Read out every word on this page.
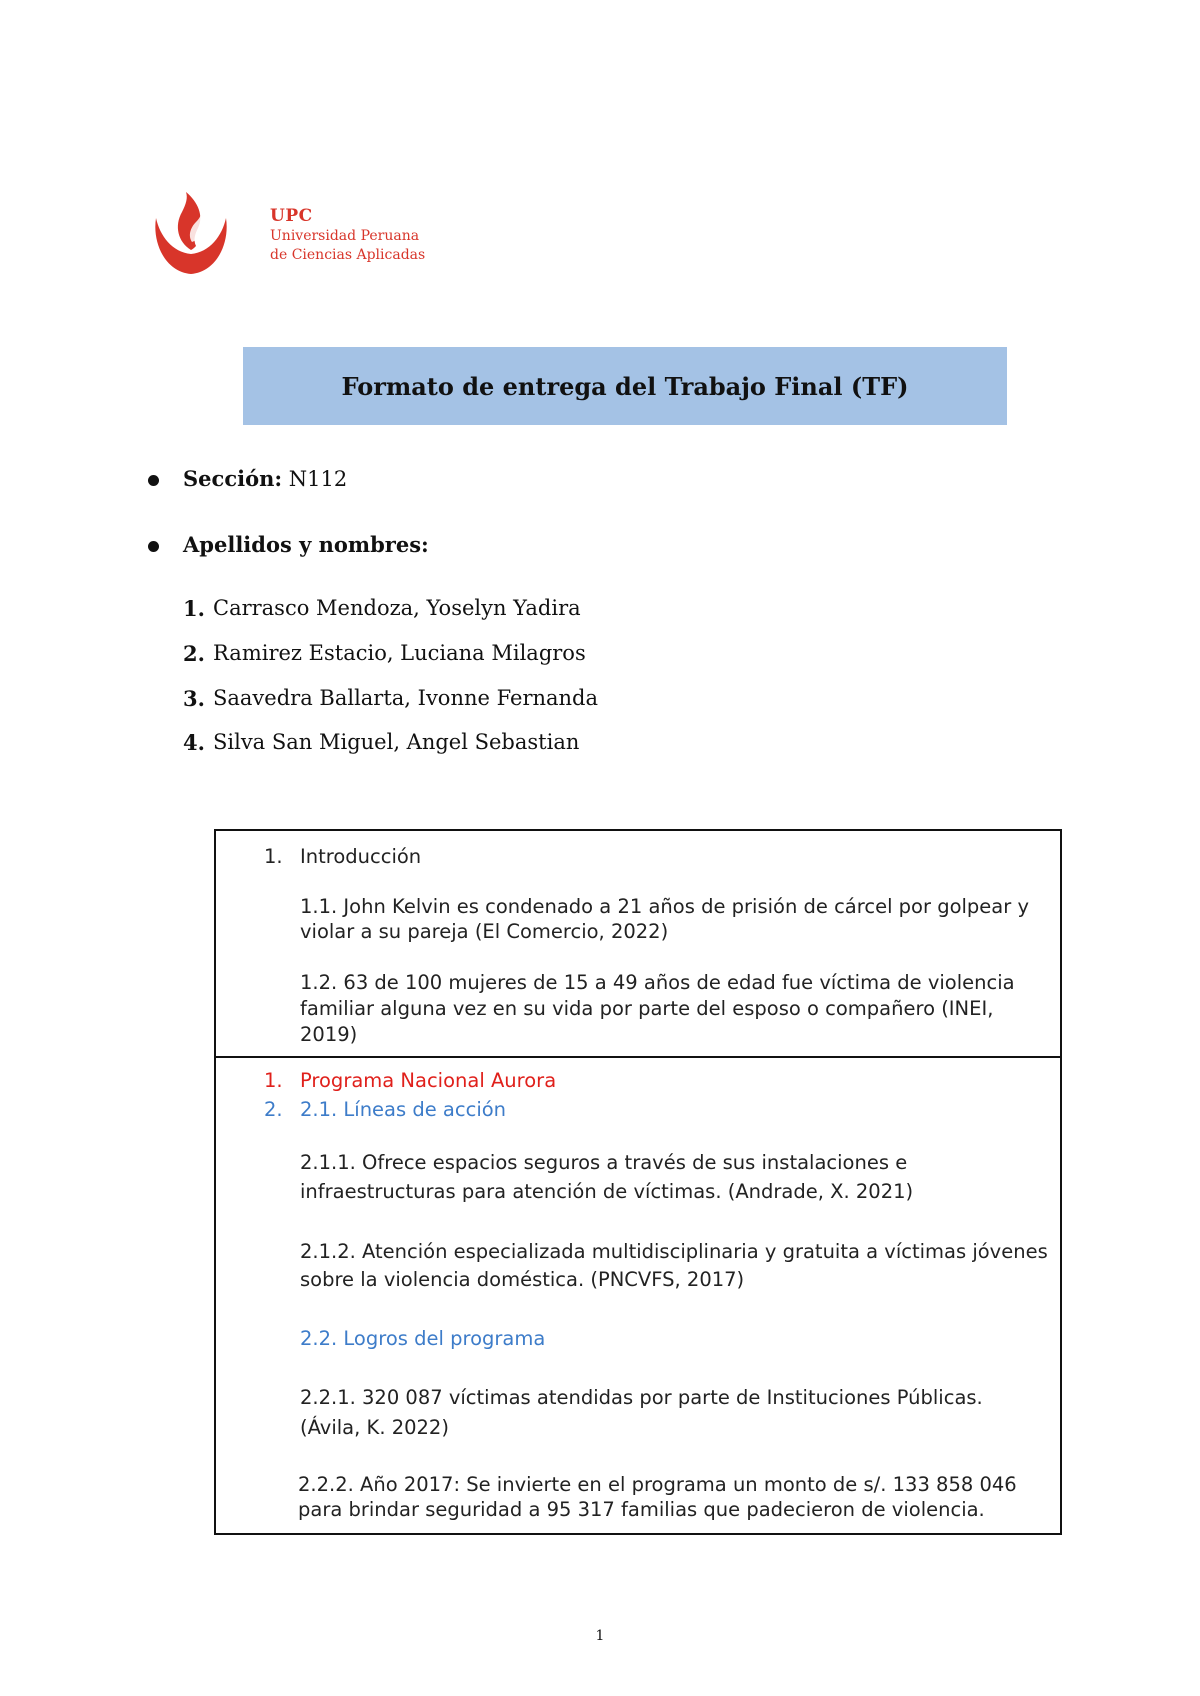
UPC
Universidad Peruana
de Ciencias Aplicadas
Formato de entrega del Trabajo Final (TF)
Sección:
N112
Apellidos y nombres:
1. Carrasco Mendoza, Yoselyn Yadira
2. Ramirez Estacio, Luciana Milagros
3. Saavedra Ballarta, Ivonne Fernanda
4. Silva San Miguel, Angel Sebastian
1. Introducción
1.1. John Kelvin es condenado a 21 años de prisión de cárcel por golpear y
violar a su pareja (El Comercio, 2022)
1.2. 63 de 100 mujeres de 15 a 49 años de edad fue víctima de violencia
familiar alguna vez en su vida por parte del esposo o compañero (INEI,
2019)
1. Programa Nacional Aurora
2. 2.1. Líneas de acción
2.1.1. Ofrece espacios seguros a través de sus instalaciones e
infraestructuras para atención de víctimas. (Andrade, X. 2021)
2.1.2. Atención especializada multidisciplinaria y gratuita a víctimas jóvenes
sobre la violencia doméstica. (PNCVFS, 2017)
2.2. Logros del programa
2.2.1. 320 087 víctimas atendidas por parte de Instituciones Públicas.
(Ávila, K. 2022)
2.2.2. Año 2017: Se invierte en el programa un monto de s/. 133 858 046
para brindar seguridad a 95 317 familias que padecieron de violencia.
1
